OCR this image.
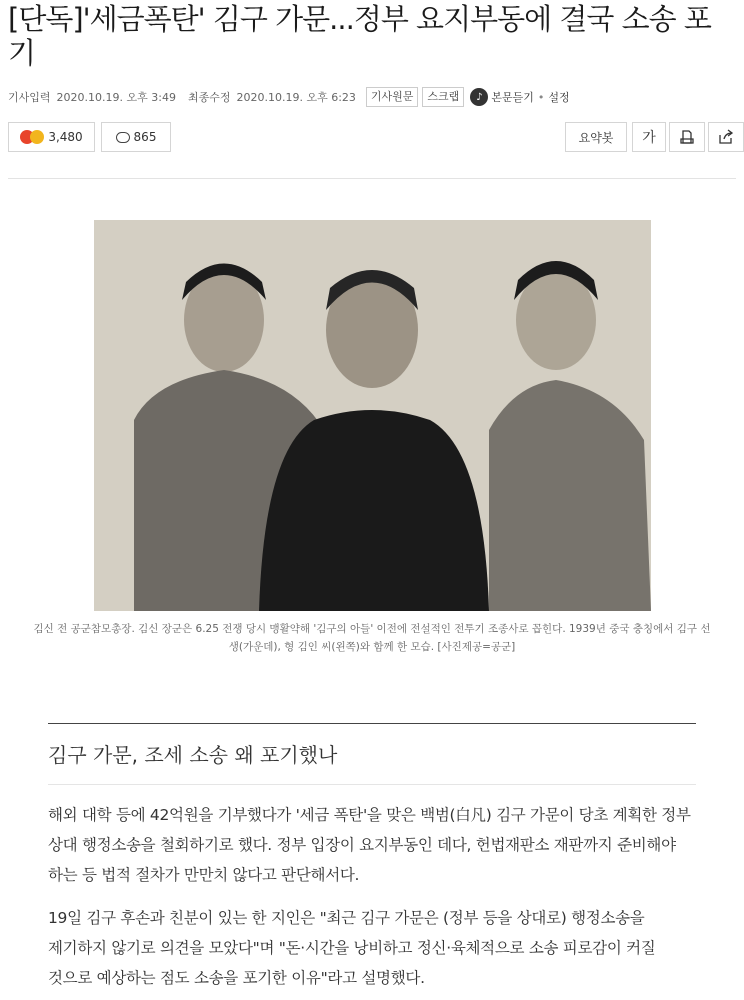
[단독]'세금폭탄' 김구 가문...정부 요지부동에 결국 소송 포기
기사입력 2020.10.19. 오후 3:49 최종수정 2020.10.19. 오후 6:23	기사원문	스크랩	♪ 본문듣기 • 설정
3,480	865	요약봇	가

김신 전 공군참모총장. 김신 장군은 6.25 전쟁 당시 맹활약해 '김구의 아들' 이전에 전설적인 전투기 조종사로 꼽힌다. 1939년 중국 충칭에서 김구 선생(가운데), 형 김인 씨(왼쪽)와 함께 한 모습. [사진제공=공군]

김구 가문, 조세 소송 왜 포기했나

해외 대학 등에 42억원을 기부했다가 '세금 폭탄'을 맞은 백범(白凡) 김구 가문이 당초 계획한 정부 상대 행정소송을 철회하기로 했다. 정부 입장이 요지부동인 데다, 헌법재판소 재판까지 준비해야 하는 등 법적 절차가 만만치 않다고 판단해서다.

19일 김구 후손과 친분이 있는 한 지인은 "최근 김구 가문은 (정부 등을 상대로) 행정소송을 제기하지 않기로 의견을 모았다"며 "돈·시간을 낭비하고 정신·육체적으로 소송 피로감이 커질 것으로 예상하는 점도 소송을 포기한 이유"라고 설명했다.
